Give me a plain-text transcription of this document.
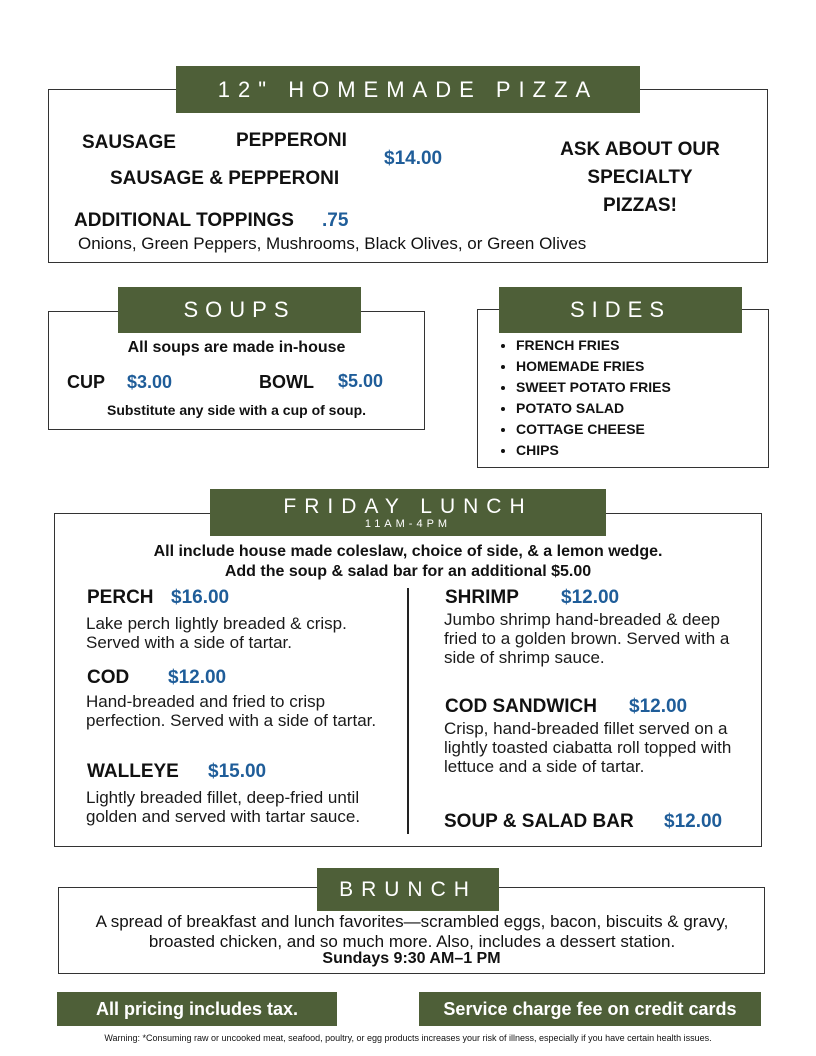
12" HOMEMADE PIZZA
SAUSAGE	PEPPERONI
SAUSAGE & PEPPERONI
$14.00	ASK ABOUT OUR
SPECIALTY
PIZZAS!
ADDITIONAL TOPPINGS .75
Onions, Green Peppers, Mushrooms, Black Olives, or Green Olives
SOUPS
All soups are made in-house
CUP $3.00	BOWL $5.00
Substitute any side with a cup of soup.
SIDES
• FRENCH FRIES
• HOMEMADE FRIES
• SWEET POTATO FRIES
• POTATO SALAD
• COTTAGE CHEESE
• CHIPS
FRIDAY LUNCH
11AM-4PM
All include house made coleslaw, choice of side, & a lemon wedge.
Add the soup & salad bar for an additional $5.00
PERCH $16.00
Lake perch lightly breaded & crisp. Served with a side of tartar.
COD $12.00
Hand-breaded and fried to crisp perfection. Served with a side of tartar.
WALLEYE $15.00
Lightly breaded fillet, deep-fried until golden and served with tartar sauce.
SHRIMP $12.00
Jumbo shrimp hand-breaded & deep fried to a golden brown. Served with a side of shrimp sauce.
COD SANDWICH $12.00
Crisp, hand-breaded fillet served on a lightly toasted ciabatta roll topped with lettuce and a side of tartar.
SOUP & SALAD BAR $12.00
BRUNCH
A spread of breakfast and lunch favorites—scrambled eggs, bacon, biscuits & gravy, broasted chicken, and so much more. Also, includes a dessert station.
Sundays 9:30 AM–1 PM
All pricing includes tax.	Service charge fee on credit cards
Warning: *Consuming raw or uncooked meat, seafood, poultry, or egg products increases your risk of illness, especially if you have certain health issues.
